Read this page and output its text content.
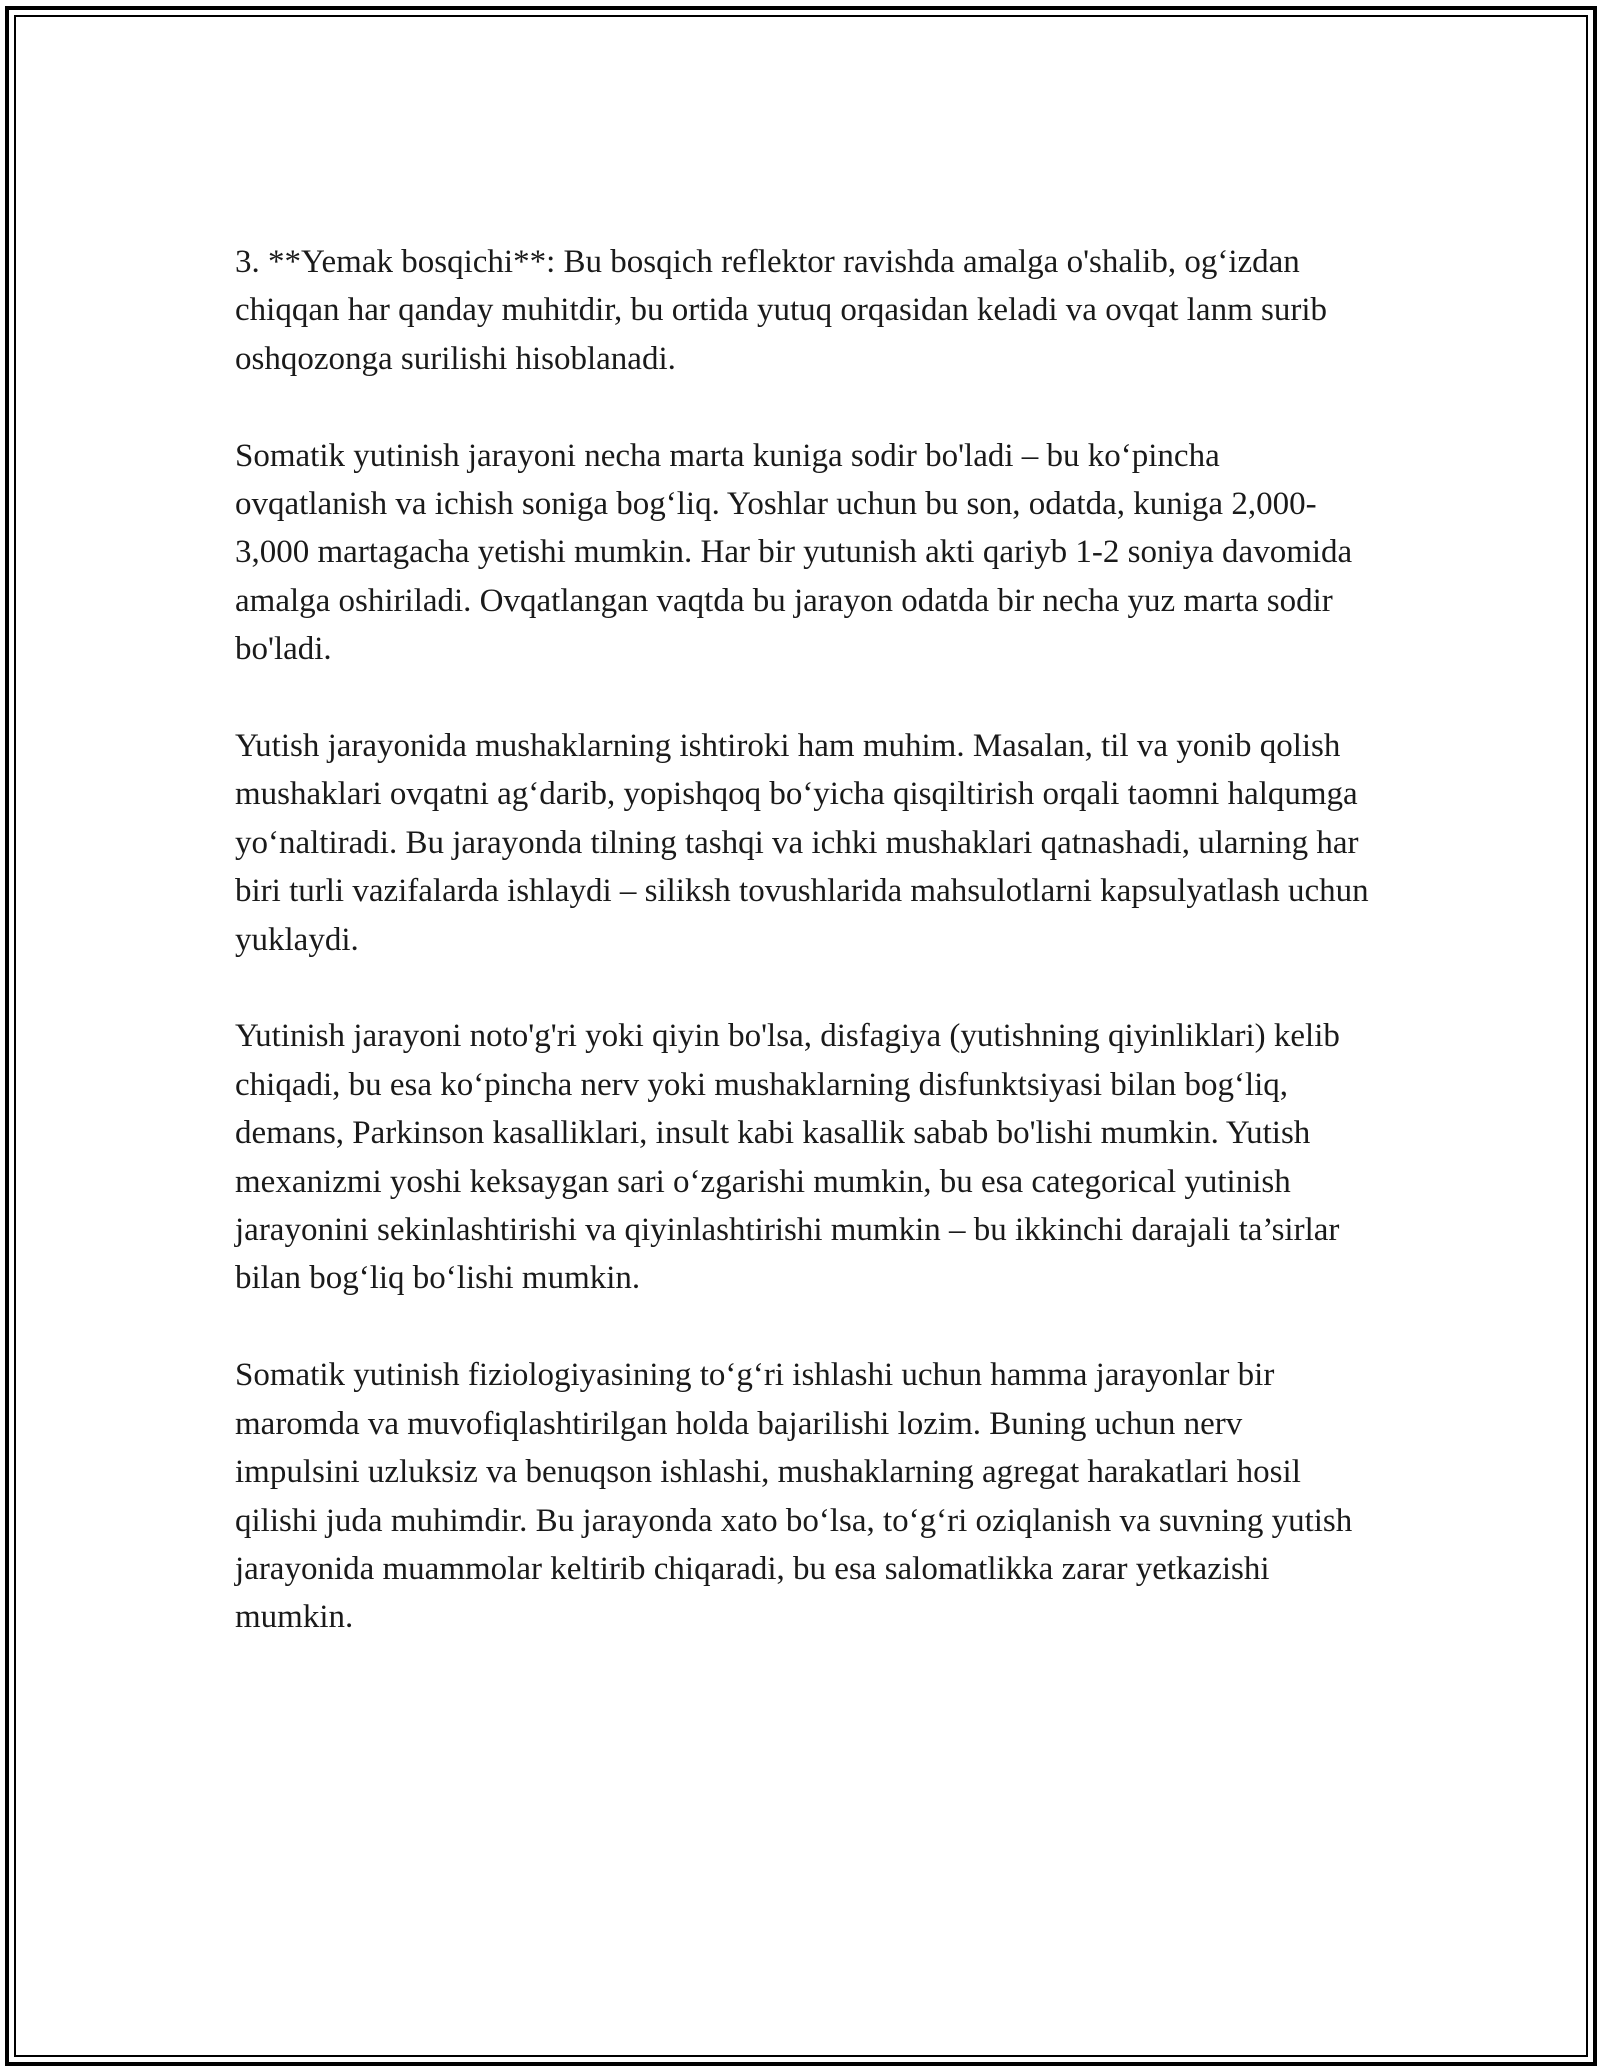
3. **Yemak bosqichi**: Bu bosqich reflektor ravishda amalga o'shalib, og‘izdan chiqqan har qanday muhitdir, bu ortida yutuq orqasidan keladi va ovqat lanm surib oshqozonga surilishi hisoblanadi.

Somatik yutinish jarayoni necha marta kuniga sodir bo'ladi – bu ko‘pincha ovqatlanish va ichish soniga bog‘liq. Yoshlar uchun bu son, odatda, kuniga 2,000-3,000 martagacha yetishi mumkin. Har bir yutunish akti qariyb 1-2 soniya davomida amalga oshiriladi. Ovqatlangan vaqtda bu jarayon odatda bir necha yuz marta sodir bo'ladi.

Yutish jarayonida mushaklarning ishtiroki ham muhim. Masalan, til va yonib qolish mushaklari ovqatni ag‘darib, yopishqoq bo‘yicha qisqiltirish orqali taomni halqumga yo‘naltiradi. Bu jarayonda tilning tashqi va ichki mushaklari qatnashadi, ularning har biri turli vazifalarda ishlaydi – siliksh tovushlarida mahsulotlarni kapsulyatlash uchun yuklaydi.

Yutinish jarayoni noto'g'ri yoki qiyin bo'lsa, disfagiya (yutishning qiyinliklari) kelib chiqadi, bu esa ko‘pincha nerv yoki mushaklarning disfunktsiyasi bilan bog‘liq, demans, Parkinson kasalliklari, insult kabi kasallik sabab bo'lishi mumkin. Yutish mexanizmi yoshi keksaygan sari o‘zgarishi mumkin, bu esa categorical yutinish jarayonini sekinlashtirishi va qiyinlashtirishi mumkin – bu ikkinchi darajali ta’sirlar bilan bog‘liq bo‘lishi mumkin.

Somatik yutinish fiziologiyasining to‘g‘ri ishlashi uchun hamma jarayonlar bir maromda va muvofiqlashtirilgan holda bajarilishi lozim. Buning uchun nerv impulsini uzluksiz va benuqson ishlashi, mushaklarning agregat harakatlari hosil qilishi juda muhimdir. Bu jarayonda xato bo‘lsa, to‘g‘ri oziqlanish va suvning yutish jarayonida muammolar keltirib chiqaradi, bu esa salomatlikka zarar yetkazishi mumkin.
